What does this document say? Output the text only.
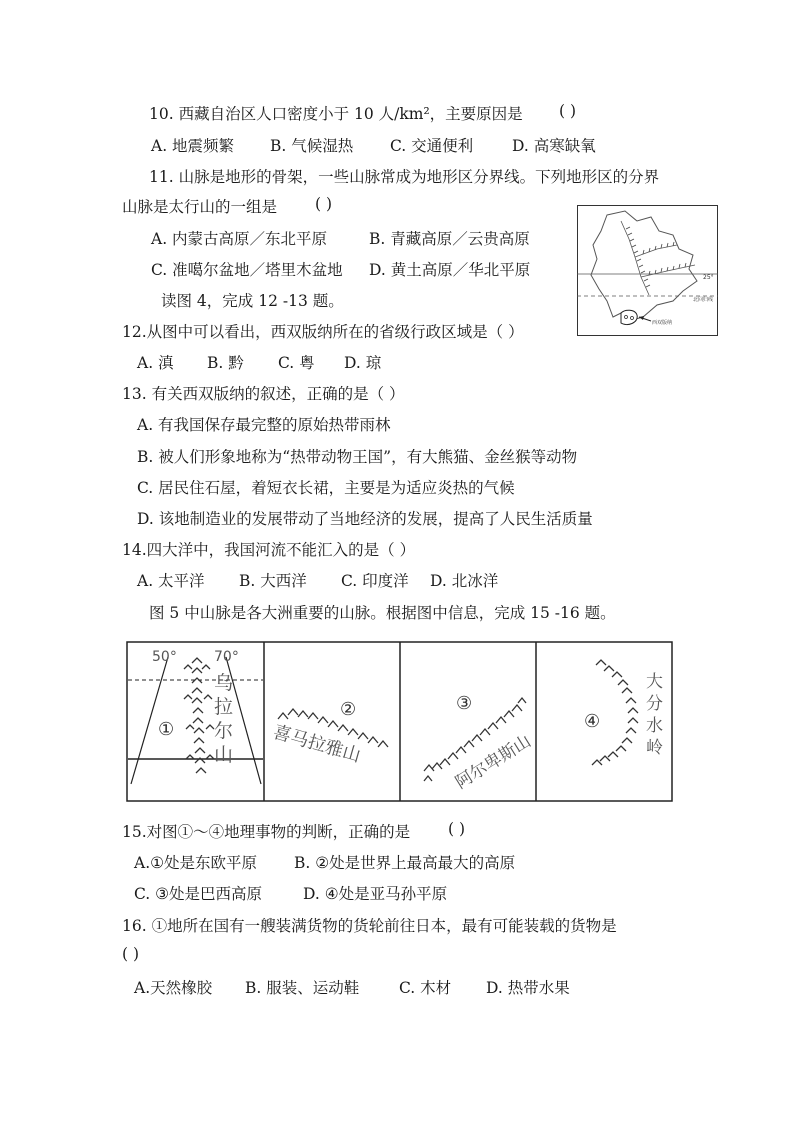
10. 西藏自治区人口密度小于 10 人/km²，主要原因是 ( )
A. 地震频繁 B. 气候湿热 C. 交通便利	D. 高寒缺氧
11. 山脉是地形的骨架，一些山脉常成为地形区分界线。下列地形区的分界
山脉是太行山的一组是 ( )
A. 内蒙古高原／东北平原	B. 青藏高原／云贵高原
C. 准噶尔盆地／塔里木盆地 D. 黄土高原／华北平原
读图 4，完成 12 -13 题。
25°
北回归线
西双版纳
12.从图中可以看出，西双版纳所在的省级行政区域是（ ）
A. 滇 B. 黔 C. 粤 D. 琼
13. 有关西双版纳的叙述，正确的是（ ）
A. 有我国保存最完整的原始热带雨林
B. 被人们形象地称为“热带动物王国”，有大熊猫、金丝猴等动物
C. 居民住石屋，着短衣长裙，主要是为适应炎热的气候
D. 该地制造业的发展带动了当地经济的发展，提高了人民生活质量
14.四大洋中，我国河流不能汇入的是（ ）
A. 太平洋 B. 大西洋 C. 印度洋 D. 北冰洋
图 5 中山脉是各大洲重要的山脉。根据图中信息，完成 15 -16 题。
50°	70°
①
乌
拉
尔
山
②
喜马拉雅山
③
阿尔卑斯山
④
大
分
水
岭
15.对图①～④地理事物的判断，正确的是 ( )
A.①处是东欧平原 B. ②处是世界上最高最大的高原
C. ③处是巴西高原	D. ④处是亚马孙平原
16. ①地所在国有一艘装满货物的货轮前往日本，最有可能装载的货物是
( )
A.天然橡胶 B. 服装、运动鞋	C. 木材 D. 热带水果
